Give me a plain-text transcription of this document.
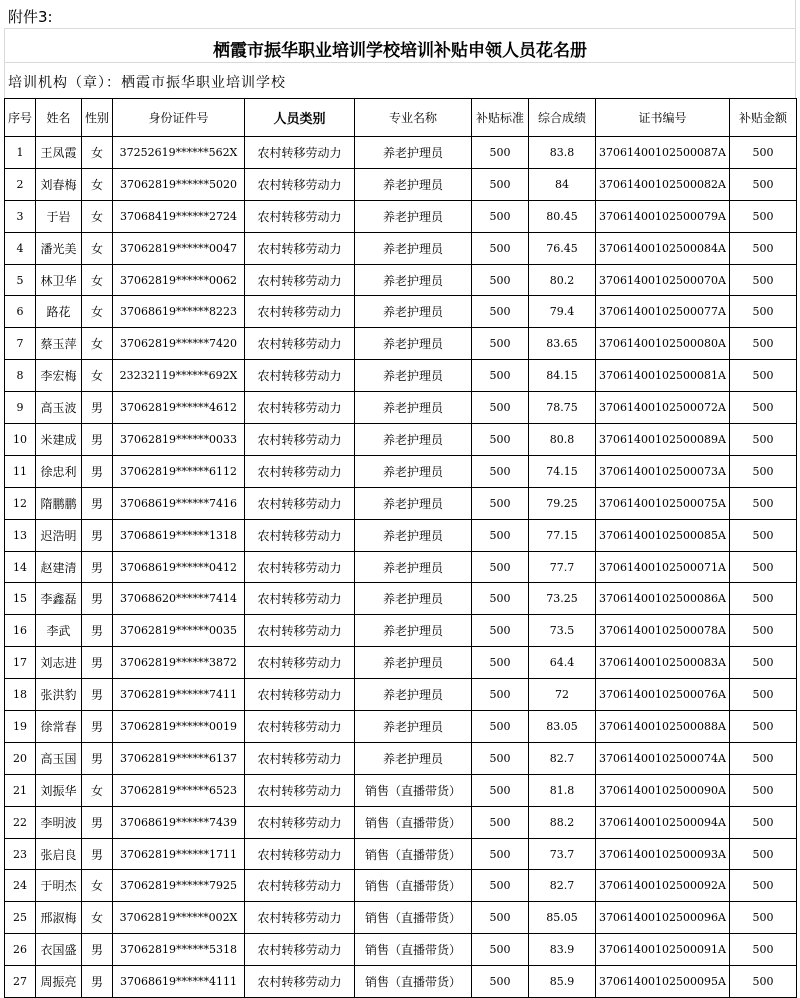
附件3:
栖霞市振华职业培训学校培训补贴申领人员花名册
培训机构（章）：栖霞市振华职业培训学校
序号	姓名	性别	身份证件号	人员类别	专业名称	补贴标准	综合成绩	证书编号	补贴金额
1	王凤霞	女	37252619******562X	农村转移劳动力	养老护理员	500	83.8	37061400102500087A	500
2	刘春梅	女	37062819******5020	农村转移劳动力	养老护理员	500	84	37061400102500082A	500
3	于岩	女	37068419******2724	农村转移劳动力	养老护理员	500	80.45	37061400102500079A	500
4	潘光美	女	37062819******0047	农村转移劳动力	养老护理员	500	76.45	37061400102500084A	500
5	林卫华	女	37062819******0062	农村转移劳动力	养老护理员	500	80.2	37061400102500070A	500
6	路花	女	37068619******8223	农村转移劳动力	养老护理员	500	79.4	37061400102500077A	500
7	蔡玉萍	女	37062819******7420	农村转移劳动力	养老护理员	500	83.65	37061400102500080A	500
8	李宏梅	女	23232119******692X	农村转移劳动力	养老护理员	500	84.15	37061400102500081A	500
9	高玉波	男	37062819******4612	农村转移劳动力	养老护理员	500	78.75	37061400102500072A	500
10	米建成	男	37062819******0033	农村转移劳动力	养老护理员	500	80.8	37061400102500089A	500
11	徐忠利	男	37062819******6112	农村转移劳动力	养老护理员	500	74.15	37061400102500073A	500
12	隋鹏鹏	男	37068619******7416	农村转移劳动力	养老护理员	500	79.25	37061400102500075A	500
13	迟浩明	男	37068619******1318	农村转移劳动力	养老护理员	500	77.15	37061400102500085A	500
14	赵建清	男	37068619******0412	农村转移劳动力	养老护理员	500	77.7	37061400102500071A	500
15	李鑫磊	男	37068620******7414	农村转移劳动力	养老护理员	500	73.25	37061400102500086A	500
16	李武	男	37062819******0035	农村转移劳动力	养老护理员	500	73.5	37061400102500078A	500
17	刘志进	男	37062819******3872	农村转移劳动力	养老护理员	500	64.4	37061400102500083A	500
18	张洪豹	男	37062819******7411	农村转移劳动力	养老护理员	500	72	37061400102500076A	500
19	徐常春	男	37062819******0019	农村转移劳动力	养老护理员	500	83.05	37061400102500088A	500
20	高玉国	男	37062819******6137	农村转移劳动力	养老护理员	500	82.7	37061400102500074A	500
21	刘振华	女	37062819******6523	农村转移劳动力	销售（直播带货）	500	81.8	37061400102500090A	500
22	李明波	男	37068619******7439	农村转移劳动力	销售（直播带货）	500	88.2	37061400102500094A	500
23	张启良	男	37062819******1711	农村转移劳动力	销售（直播带货）	500	73.7	37061400102500093A	500
24	于明杰	女	37062819******7925	农村转移劳动力	销售（直播带货）	500	82.7	37061400102500092A	500
25	邢淑梅	女	37062819******002X	农村转移劳动力	销售（直播带货）	500	85.05	37061400102500096A	500
26	衣国盛	男	37062819******5318	农村转移劳动力	销售（直播带货）	500	83.9	37061400102500091A	500
27	周振亮	男	37068619******4111	农村转移劳动力	销售（直播带货）	500	85.9	37061400102500095A	500
